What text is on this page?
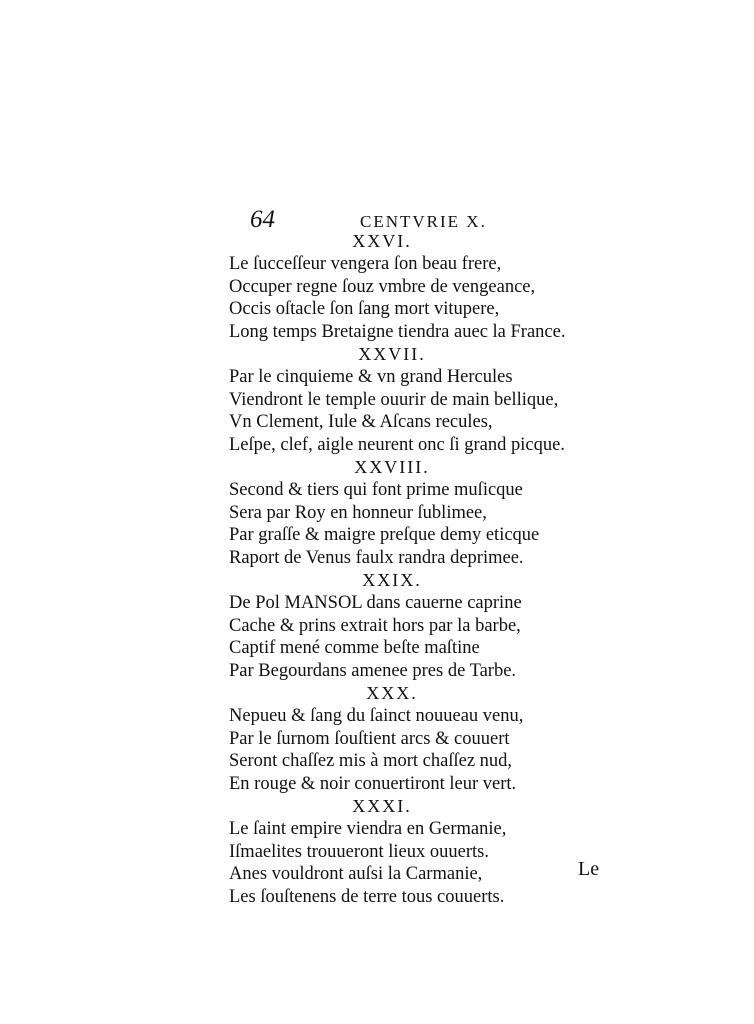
64	CENTVRIE X.
XXVI.
Le ſucceſſeur vengera ſon beau frere,
Occuper regne ſouz vmbre de vengeance,
Occis oſtacle ſon ſang mort vitupere,
Long temps Bretaigne tiendra auec la France.
XXVII.
Par le cinquieme & vn grand Hercules
Viendront le temple ouurir de main bellique,
Vn Clement, Iule & Aſcans recules,
Leſpe, clef, aigle neurent onc ſi grand picque.
XXVIII.
Second & tiers qui font prime muſicque
Sera par Roy en honneur ſublimee,
Par graſſe & maigre preſque demy eticque
Raport de Venus faulx randra deprimee.
XXIX.
De Pol MANSOL dans cauerne caprine
Cache & prins extrait hors par la barbe,
Captif mené comme beſte maſtine
Par Begourdans amenee pres de Tarbe.
XXX.
Nepueu & ſang du ſainct nouueau venu,
Par le ſurnom ſouſtient arcs & couuert
Seront chaſſez mis à mort chaſſez nud,
En rouge & noir conuertiront leur vert.
XXXI.
Le ſaint empire viendra en Germanie,
Iſmaelites trouueront lieux ouuerts.
Anes vouldront auſsi la Carmanie,
Les ſouſtenens de terre tous couuerts.
Le
